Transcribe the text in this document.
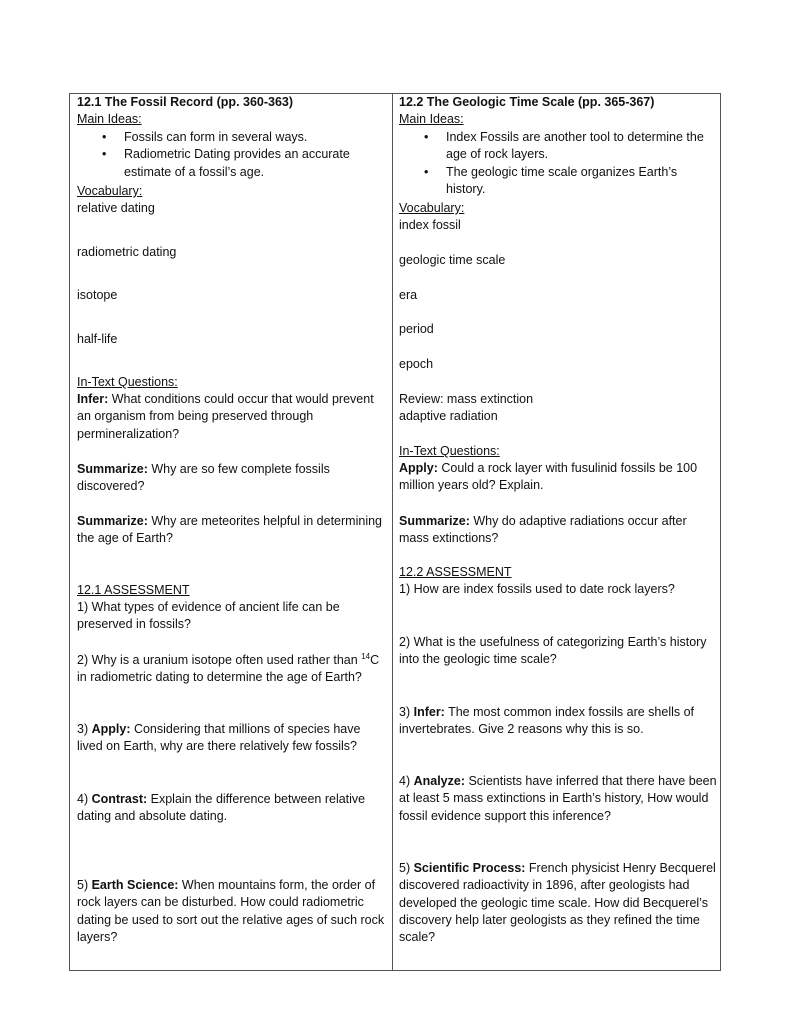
12.1 The Fossil Record (pp. 360-363)
Main Ideas:
• Fossils can form in several ways.
• Radiometric Dating provides an accurate estimate of a fossil’s age.
Vocabulary:
relative dating
radiometric dating
isotope
half-life
In-Text Questions:
Infer: What conditions could occur that would prevent an organism from being preserved through permineralization?
Summarize: Why are so few complete fossils discovered?
Summarize: Why are meteorites helpful in determining the age of Earth?
12.1 ASSESSMENT
1) What types of evidence of ancient life can be preserved in fossils?
2) Why is a uranium isotope often used rather than $^{14}$C in radiometric dating to determine the age of Earth?
3) Apply: Considering that millions of species have lived on Earth, why are there relatively few fossils?
4) Contrast: Explain the difference between relative dating and absolute dating.
5) Earth Science: When mountains form, the order of rock layers can be disturbed. How could radiometric dating be used to sort out the relative ages of such rock layers?
12.2 The Geologic Time Scale (pp. 365-367)
Main Ideas:
• Index Fossils are another tool to determine the age of rock layers.
• The geologic time scale organizes Earth’s history.
Vocabulary:
index fossil
geologic time scale
era
period
epoch
Review: mass extinction
adaptive radiation
In-Text Questions:
Apply: Could a rock layer with fusulinid fossils be 100 million years old? Explain.
Summarize: Why do adaptive radiations occur after mass extinctions?
12.2 ASSESSMENT
1) How are index fossils used to date rock layers?
2) What is the usefulness of categorizing Earth’s history into the geologic time scale?
3) Infer: The most common index fossils are shells of invertebrates. Give 2 reasons why this is so.
4) Analyze: Scientists have inferred that there have been at least 5 mass extinctions in Earth’s history, How would fossil evidence support this inference?
5) Scientific Process: French physicist Henry Becquerel discovered radioactivity in 1896, after geologists had developed the geologic time scale. How did Becquerel’s discovery help later geologists as they refined the time scale?
